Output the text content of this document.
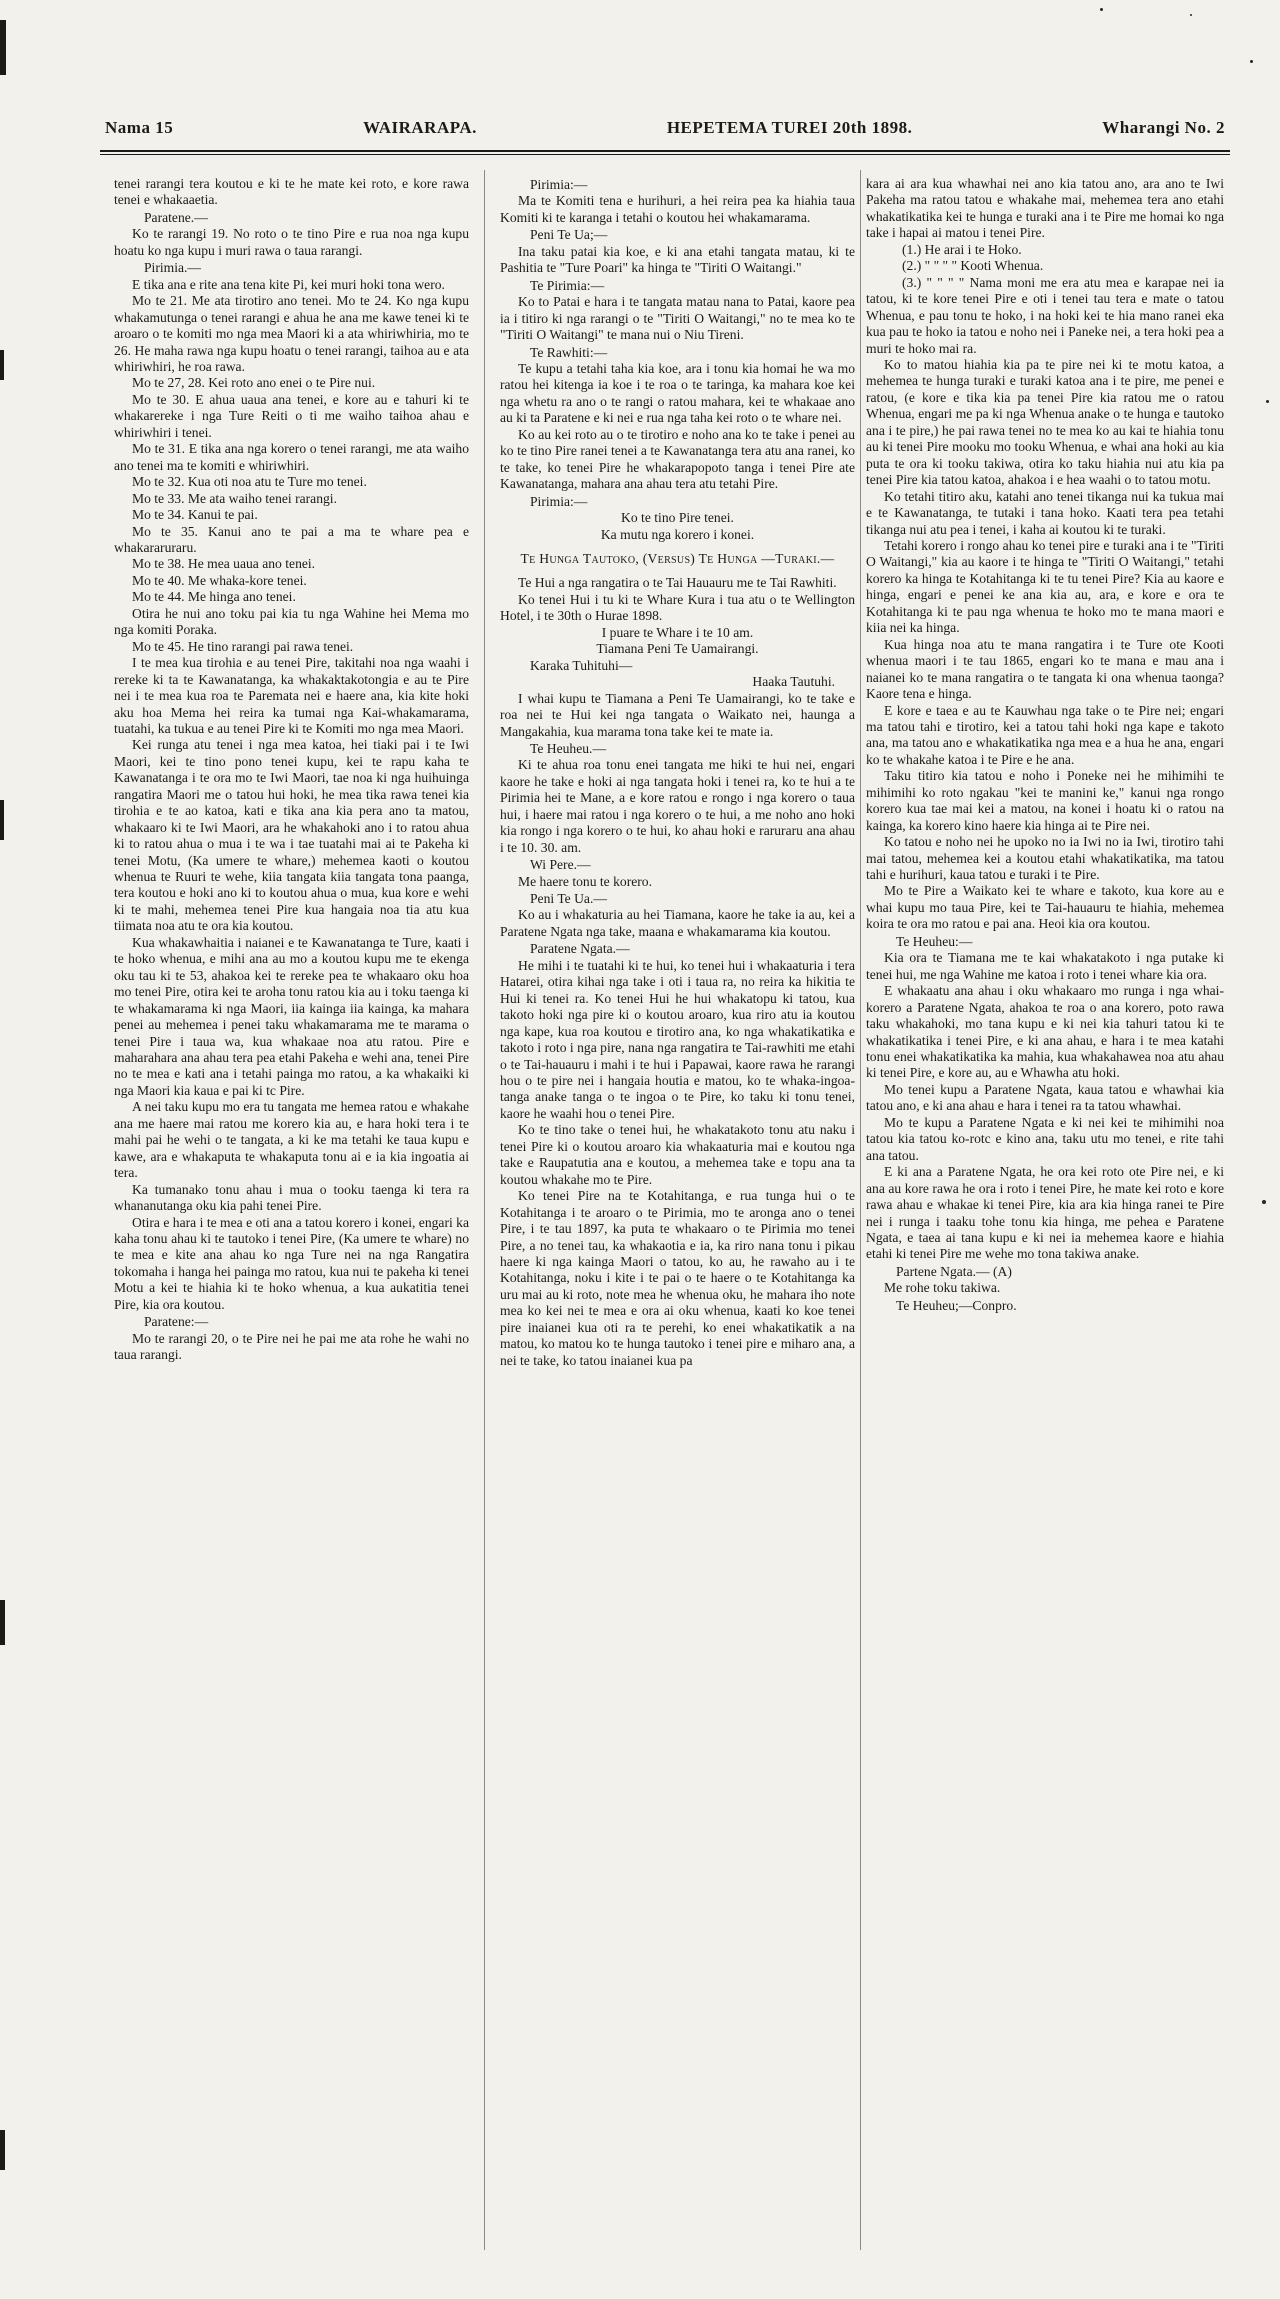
Nama 15	WAIRARAPA.	HEPETEMA TUREI 20th 1898.	Wharangi No. 2

tenei rarangi tera koutou e ki te he mate kei roto, e kore rawa tenei e whakaaetia.

Paratene.—

Ko te rarangi 19. No roto o te tino Pire e rua noa nga kupu hoatu ko nga kupu i muri rawa o taua rarangi.

Pirimia.—

E tika ana e rite ana tena kite Pi, kei muri hoki tona wero.

Mo te 21. Me ata tirotiro ano tenei. Mo te 24. Ko nga kupu whakamutunga o tenei rarangi e ahua he ana me kawe tenei ki te aroaro o te komiti mo nga mea Maori ki a ata whiriwhiria, mo te 26. He maha rawa nga kupu hoatu o tenei rarangi, taihoa au e ata whiriwhiri, he roa rawa.

Mo te 27, 28. Kei roto ano enei o te Pire nui.

Mo te 30. E ahua uaua ana tenei, e kore au e tahuri ki te whakarereke i nga Ture Reiti o ti me waiho taihoa ahau e whiriwhiri i tenei.

Mo te 31. E tika ana nga korero o tenei rarangi, me ata waiho ano tenei ma te komiti e whiriwhiri.

Mo te 32. Kua oti noa atu te Ture mo tenei.

Mo te 33. Me ata waiho tenei rarangi.

Mo te 34. Kanui te pai.

Mo te 35. Kanui ano te pai a ma te whare pea e whakararuraru.

Mo te 38. He mea uaua ano tenei.

Mo te 40. Me whaka-kore tenei.

Mo te 44. Me hinga ano tenei.

Otira he nui ano toku pai kia tu nga Wahine hei Mema mo nga komiti Poraka.

Mo te 45. He tino rarangi pai rawa tenei.

I te mea kua tirohia e au tenei Pire, takitahi noa nga waahi i rereke ki ta te Kawanatanga, ka whakaktakotongia e au te Pire nei i te mea kua roa te Paremata nei e haere ana, kia kite hoki aku hoa Mema hei reira ka tumai nga Kai-whakamarama, tuatahi, ka tukua e au tenei Pire ki te Komiti mo nga mea Maori.

Kei runga atu tenei i nga mea katoa, hei tiaki pai i te Iwi Maori, kei te tino pono tenei kupu, kei te rapu kaha te Kawanatanga i te ora mo te Iwi Maori, tae noa ki nga huihuinga rangatira Maori me o tatou hui hoki, he mea tika rawa tenei kia tirohia e te ao katoa, kati e tika ana kia pera ano ta matou, whakaaro ki te Iwi Maori, ara he whakahoki ano i to ratou ahua ki to ratou ahua o mua i te wa i tae tuatahi mai ai te Pakeha ki tenei Motu, (Ka umere te whare,) mehemea kaoti o koutou whenua te Ruuri te wehe, kiia tangata kiia tangata tona paanga, tera koutou e hoki ano ki to koutou ahua o mua, kua kore e wehi ki te mahi, mehemea tenei Pire kua hangaia noa tia atu kua tiimata noa atu te ora kia koutou.

Kua whakawhaitia i naianei e te Kawanatanga te Ture, kaati i te hoko whenua, e mihi ana au mo a koutou kupu me te ekenga oku tau ki te 53, ahakoa kei te rereke pea te whakaaro oku hoa mo tenei Pire, otira kei te aroha tonu ratou kia au i toku taenga ki te whakamarama ki nga Maori, iia kainga iia kainga, ka mahara penei au mehemea i penei taku whakamarama me te marama o tenei Pire i taua wa, kua whakaae noa atu ratou. Pire e maharahara ana ahau tera pea etahi Pakeha e wehi ana, tenei Pire no te mea e kati ana i tetahi painga mo ratou, a ka whakaiki ki nga Maori kia kaua e pai ki tc Pire.

A nei taku kupu mo era tu tangata me hemea ratou e whakahe ana me haere mai ratou me korero kia au, e hara hoki tera i te mahi pai he wehi o te tangata, a ki ke ma tetahi ke taua kupu e kawe, ara e whakaputa te whakaputa tonu ai e ia kia ingoatia ai tera.

Ka tumanako tonu ahau i mua o tooku taenga ki tera ra whananutanga oku kia pahi tenei Pire.

Otira e hara i te mea e oti ana a tatou korero i konei, engari ka kaha tonu ahau ki te tautoko i tenei Pire, (Ka umere te whare) no te mea e kite ana ahau ko nga Ture nei na nga Rangatira tokomaha i hanga hei painga mo ratou, kua nui te pakeha ki tenei Motu a kei te hiahia ki te hoko whenua, a kua aukatitia tenei Pire, kia ora koutou.

Paratene:—

Mo te rarangi 20, o te Pire nei he pai me ata rohe he wahi no taua rarangi.

Pirimia:—

Ma te Komiti tena e hurihuri, a hei reira pea ka hiahia taua Komiti ki te karanga i tetahi o koutou hei whakamarama.

Peni Te Ua;—

Ina taku patai kia koe, e ki ana etahi tangata matau, ki te Pashitia te "Ture Poari" ka hinga te "Tiriti O Waitangi."

Te Pirimia:—

Ko to Patai e hara i te tangata matau nana to Patai, kaore pea ia i titiro ki nga rarangi o te "Tiriti O Waitangi," no te mea ko te "Tiriti O Waitangi" te mana nui o Niu Tireni.

Te Rawhiti:—

Te kupu a tetahi taha kia koe, ara i tonu kia homai he wa mo ratou hei kitenga ia koe i te roa o te taringa, ka mahara koe kei nga whetu ra ano o te rangi o ratou mahara, kei te whakaae ano au ki ta Paratene e ki nei e rua nga taha kei roto o te whare nei.

Ko au kei roto au o te tirotiro e noho ana ko te take i penei au ko te tino Pire ranei tenei a te Kawanatanga tera atu ana ranei, ko te take, ko tenei Pire he whakarapopoto tanga i tenei Pire ate Kawanatanga, mahara ana ahau tera atu tetahi Pire.

Pirimia:—

Ko te tino Pire tenei.

Ka mutu nga korero i konei.

Te Hunga Tautoko, (Versus) Te Hunga —Turaki.—

Te Hui a nga rangatira o te Tai Hauauru me te Tai Rawhiti.

Ko tenei Hui i tu ki te Whare Kura i tua atu o te Wellington Hotel, i te 30th o Hurae 1898.

I puare te Whare i te 10 am.

Tiamana Peni Te Uamairangi.

Karaka Tuhituhi—

Haaka Tautuhi.

I whai kupu te Tiamana a Peni Te Uamairangi, ko te take e roa nei te Hui kei nga tangata o Waikato nei, haunga a Mangakahia, kua marama tona take kei te mate ia.

Te Heuheu.—

Ki te ahua roa tonu enei tangata me hiki te hui nei, engari kaore he take e hoki ai nga tangata hoki i tenei ra, ko te hui a te Pirimia hei te Mane, a e kore ratou e rongo i nga korero o taua hui, i haere mai ratou i nga korero o te hui, a me noho ano hoki kia rongo i nga korero o te hui, ko ahau hoki e raruraru ana ahau i te 10. 30. am.

Wi Pere.—

Me haere tonu te korero.

Peni Te Ua.—

Ko au i whakaturia au hei Tiamana, kaore he take ia au, kei a Paratene Ngata nga take, maana e whakamarama kia koutou.

Paratene Ngata.—

He mihi i te tuatahi ki te hui, ko tenei hui i whakaaturia i tera Hatarei, otira kihai nga take i oti i taua ra, no reira ka hikitia te Hui ki tenei ra. Ko tenei Hui he hui whakatopu ki tatou, kua takoto hoki nga pire ki o koutou aroaro, kua riro atu ia koutou nga kape, kua roa koutou e tirotiro ana, ko nga whakatikatika e takoto i roto i nga pire, nana nga rangatira te Tai-rawhiti me etahi o te Tai-hauauru i mahi i te hui i Papawai, kaore rawa he rarangi hou o te pire nei i hangaia houtia e matou, ko te whaka-ingoa-tanga anake tanga o te ingoa o te Pire, ko taku ki tonu tenei, kaore he waahi hou o tenei Pire.

Ko te tino take o tenei hui, he whakatakoto tonu atu naku i tenei Pire ki o koutou aroaro kia whakaaturia mai e koutou nga take e Raupatutia ana e koutou, a mehemea take e topu ana ta koutou whakahe mo te Pire.

Ko tenei Pire na te Kotahitanga, e rua tunga hui o te Kotahitanga i te aroaro o te Pirimia, mo te aronga ano o tenei Pire, i te tau 1897, ka puta te whakaaro o te Pirimia mo tenei Pire, a no tenei tau, ka whakaotia e ia, ka riro nana tonu i pikau haere ki nga kainga Maori o tatou, ko au, he rawaho au i te Kotahitanga, noku i kite i te pai o te haere o te Kotahitanga ka uru mai au ki roto, note mea he whenua oku, he mahara iho note mea ko kei nei te mea e ora ai oku whenua, kaati ko koe tenei pire inaianei kua oti ra te perehi, ko enei whakatikatik a na matou, ko matou ko te hunga tautoko i tenei pire e miharo ana, a nei te take, ko tatou inaianei kua pa

kara ai ara kua whawhai nei ano kia tatou ano, ara ano te Iwi Pakeha ma ratou tatou e whakahe mai, mehemea tera ano etahi whakatikatika kei te hunga e turaki ana i te Pire me homai ko nga take i hapai ai matou i tenei Pire.

(1.) He arai i te Hoko.

(2.) " " " " Kooti Whenua.

(3.) " " " " Nama moni me era atu mea e karapae nei ia tatou, ki te kore tenei Pire e oti i tenei tau tera e mate o tatou Whenua, e pau tonu te hoko, i na hoki kei te hia mano ranei eka kua pau te hoko ia tatou e noho nei i Paneke nei, a tera hoki pea a muri te hoko mai ra.

Ko to matou hiahia kia pa te pire nei ki te motu katoa, a mehemea te hunga turaki e turaki katoa ana i te pire, me penei e ratou, (e kore e tika kia pa tenei Pire kia ratou me o ratou Whenua, engari me pa ki nga Whenua anake o te hunga e tautoko ana i te pire,) he pai rawa tenei no te mea ko au kai te hiahia tonu au ki tenei Pire mooku mo tooku Whenua, e whai ana hoki au kia puta te ora ki tooku takiwa, otira ko taku hiahia nui atu kia pa tenei Pire kia tatou katoa, ahakoa i e hea waahi o to tatou motu.

Ko tetahi titiro aku, katahi ano tenei tikanga nui ka tukua mai e te Kawanatanga, te tutaki i tana hoko. Kaati tera pea tetahi tikanga nui atu pea i tenei, i kaha ai koutou ki te turaki.

Tetahi korero i rongo ahau ko tenei pire e turaki ana i te "Tiriti O Waitangi," kia au kaore i te hinga te "Tiriti O Waitangi," tetahi korero ka hinga te Kotahitanga ki te tu tenei Pire? Kia au kaore e hinga, engari e penei ke ana kia au, ara, e kore e ora te Kotahitanga ki te pau nga whenua te hoko mo te mana maori e kiia nei ka hinga.

Kua hinga noa atu te mana rangatira i te Ture ote Kooti whenua maori i te tau 1865, engari ko te mana e mau ana i naianei ko te mana rangatira o te tangata ki ona whenua taonga? Kaore tena e hinga.

E kore e taea e au te Kauwhau nga take o te Pire nei; engari ma tatou tahi e tirotiro, kei a tatou tahi hoki nga kape e takoto ana, ma tatou ano e whakatikatika nga mea e a hua he ana, engari ko te whakahe katoa i te Pire e he ana.

Taku titiro kia tatou e noho i Poneke nei he mihimihi te mihimihi ko roto ngakau "kei te manini ke," kanui nga rongo korero kua tae mai kei a matou, na konei i hoatu ki o ratou na kainga, ka korero kino haere kia hinga ai te Pire nei.

Ko tatou e noho nei he upoko no ia Iwi no ia Iwi, tirotiro tahi mai tatou, mehemea kei a koutou etahi whakatikatika, ma tatou tahi e hurihuri, kaua tatou e turaki i te Pire.

Mo te Pire a Waikato kei te whare e takoto, kua kore au e whai kupu mo taua Pire, kei te Tai-hauauru te hiahia, mehemea koira te ora mo ratou e pai ana. Heoi kia ora koutou.

Te Heuheu:—

Kia ora te Tiamana me te kai whakatakoto i nga putake ki tenei hui, me nga Wahine me katoa i roto i tenei whare kia ora.

E whakaatu ana ahau i oku whakaaro mo runga i nga whai-korero a Paratene Ngata, ahakoa te roa o ana korero, poto rawa taku whakahoki, mo tana kupu e ki nei kia tahuri tatou ki te whakatikatika i tenei Pire, e ki ana ahau, e hara i te mea katahi tonu enei whakatikatika ka mahia, kua whakahawea noa atu ahau ki tenei Pire, e kore au, au e Whawha atu hoki.

Mo tenei kupu a Paratene Ngata, kaua tatou e whawhai kia tatou ano, e ki ana ahau e hara i tenei ra ta tatou whawhai.

Mo te kupu a Paratene Ngata e ki nei kei te mihimihi noa tatou kia tatou ko-rotc e kino ana, taku utu mo tenei, e rite tahi ana tatou.

E ki ana a Paratene Ngata, he ora kei roto ote Pire nei, e ki ana au kore rawa he ora i roto i tenei Pire, he mate kei roto e kore rawa ahau e whakae ki tenei Pire, kia ara kia hinga ranei te Pire nei i runga i taaku tohe tonu kia hinga, me pehea e Paratene Ngata, e taea ai tana kupu e ki nei ia mehemea kaore e hiahia etahi ki tenei Pire me wehe mo tona takiwa anake.

Partene Ngata.— (A)

Me rohe toku takiwa.

Te Heuheu;—Conpro.
